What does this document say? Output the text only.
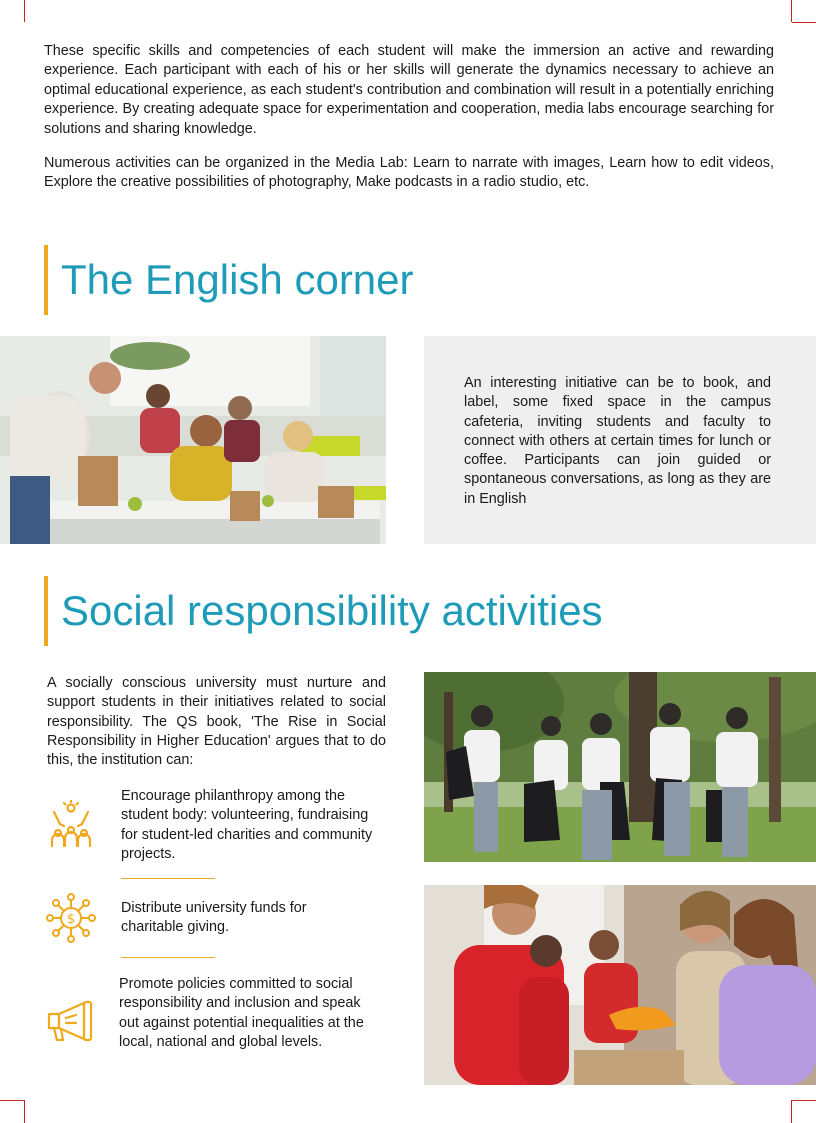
These specific skills and competencies of each student will make the immersion an active and rewarding experience. Each participant with each of his or her skills will generate the dynamics necessary to achieve an optimal educational experience, as each student's contribution and combination will result in a potentially enriching experience. By creating adequate space for experimentation and cooperation, media labs encourage searching for solutions and sharing knowledge.

Numerous activities can be organized in the Media Lab: Learn to narrate with images, Learn how to edit videos, Explore the creative possibilities of photography, Make podcasts in a radio studio, etc.

The English corner

An interesting initiative can be to book, and label, some fixed space in the campus cafeteria, inviting students and faculty to connect with others at certain times for lunch or coffee. Participants can join guided or spontaneous conversations, as long as they are in English

Social responsibility activities

A socially conscious university must nurture and support students in their initiatives related to social responsibility. The QS book, 'The Rise in Social Responsibility in Higher Education' argues that to do this, the institution can:

Encourage philanthropy among the student body: volunteering, fundraising for student-led charities and community projects.

$

Distribute university funds for charitable giving.

Promote policies committed to social responsibility and inclusion and speak out against potential inequalities at the local, national and global levels.
